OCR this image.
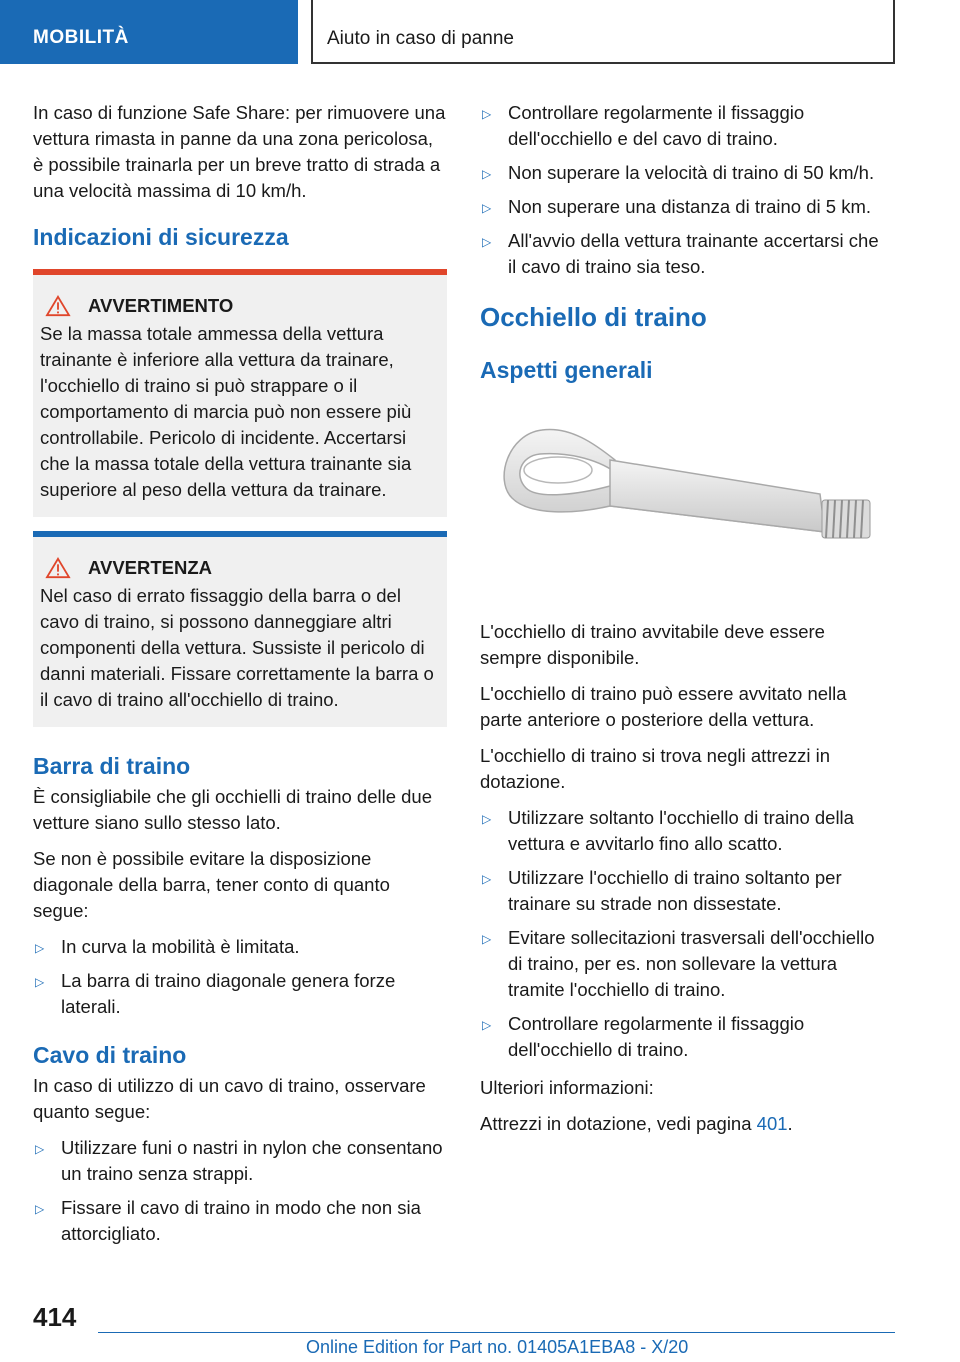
MOBILITÀ	Aiuto in caso di panne

In caso di funzione Safe Share: per rimuovere una vettura rimasta in panne da una zona pericolosa, è possibile trainarla per un breve tratto di strada a una velocità massima di 10 km/h.

Indicazioni di sicurezza
AVVERTIMENTO

Se la massa totale ammessa della vettura trainante è inferiore alla vettura da trainare, l'occhiello di traino si può strappare o il comportamento di marcia può non essere più controllabile. Pericolo di incidente. Accertarsi che la massa totale della vettura trainante sia superiore al peso della vettura da trainare.

AVVERTENZA

Nel caso di errato fissaggio della barra o del cavo di traino, si possono danneggiare altri componenti della vettura. Sussiste il pericolo di danni materiali. Fissare correttamente la barra o il cavo di traino all'occhiello di traino.

Barra di traino

È consigliabile che gli occhielli di traino delle due vetture siano sullo stesso lato.

Se non è possibile evitare la disposizione diagonale della barra, tener conto di quanto segue:

▷ In curva la mobilità è limitata.
▷ La barra di traino diagonale genera forze laterali.
Cavo di traino

In caso di utilizzo di un cavo di traino, osservare quanto segue:

▷ Utilizzare funi o nastri in nylon che consentano un traino senza strappi.
▷ Fissare il cavo di traino in modo che non sia attorcigliato.
▷ Controllare regolarmente il fissaggio dell'occhiello e del cavo di traino.
▷ Non superare la velocità di traino di 50 km/h.
▷ Non superare una distanza di traino di 5 km.
▷ All'avvio della vettura trainante accertarsi che il cavo di traino sia teso.
Occhiello di traino
Aspetti generali

L'occhiello di traino avvitabile deve essere sempre disponibile.

L'occhiello di traino può essere avvitato nella parte anteriore o posteriore della vettura.

L'occhiello di traino si trova negli attrezzi in dotazione.

▷ Utilizzare soltanto l'occhiello di traino della vettura e avvitarlo fino allo scatto.
▷ Utilizzare l'occhiello di traino soltanto per trainare su strade non dissestate.
▷ Evitare sollecitazioni trasversali dell'occhiello di traino, per es. non sollevare la vettura tramite l'occhiello di traino.
▷ Controllare regolarmente il fissaggio dell'occhiello di traino.

Ulteriori informazioni:

Attrezzi in dotazione, vedi pagina 401.

414
Online Edition for Part no. 01405A1EBA8 - X/20
